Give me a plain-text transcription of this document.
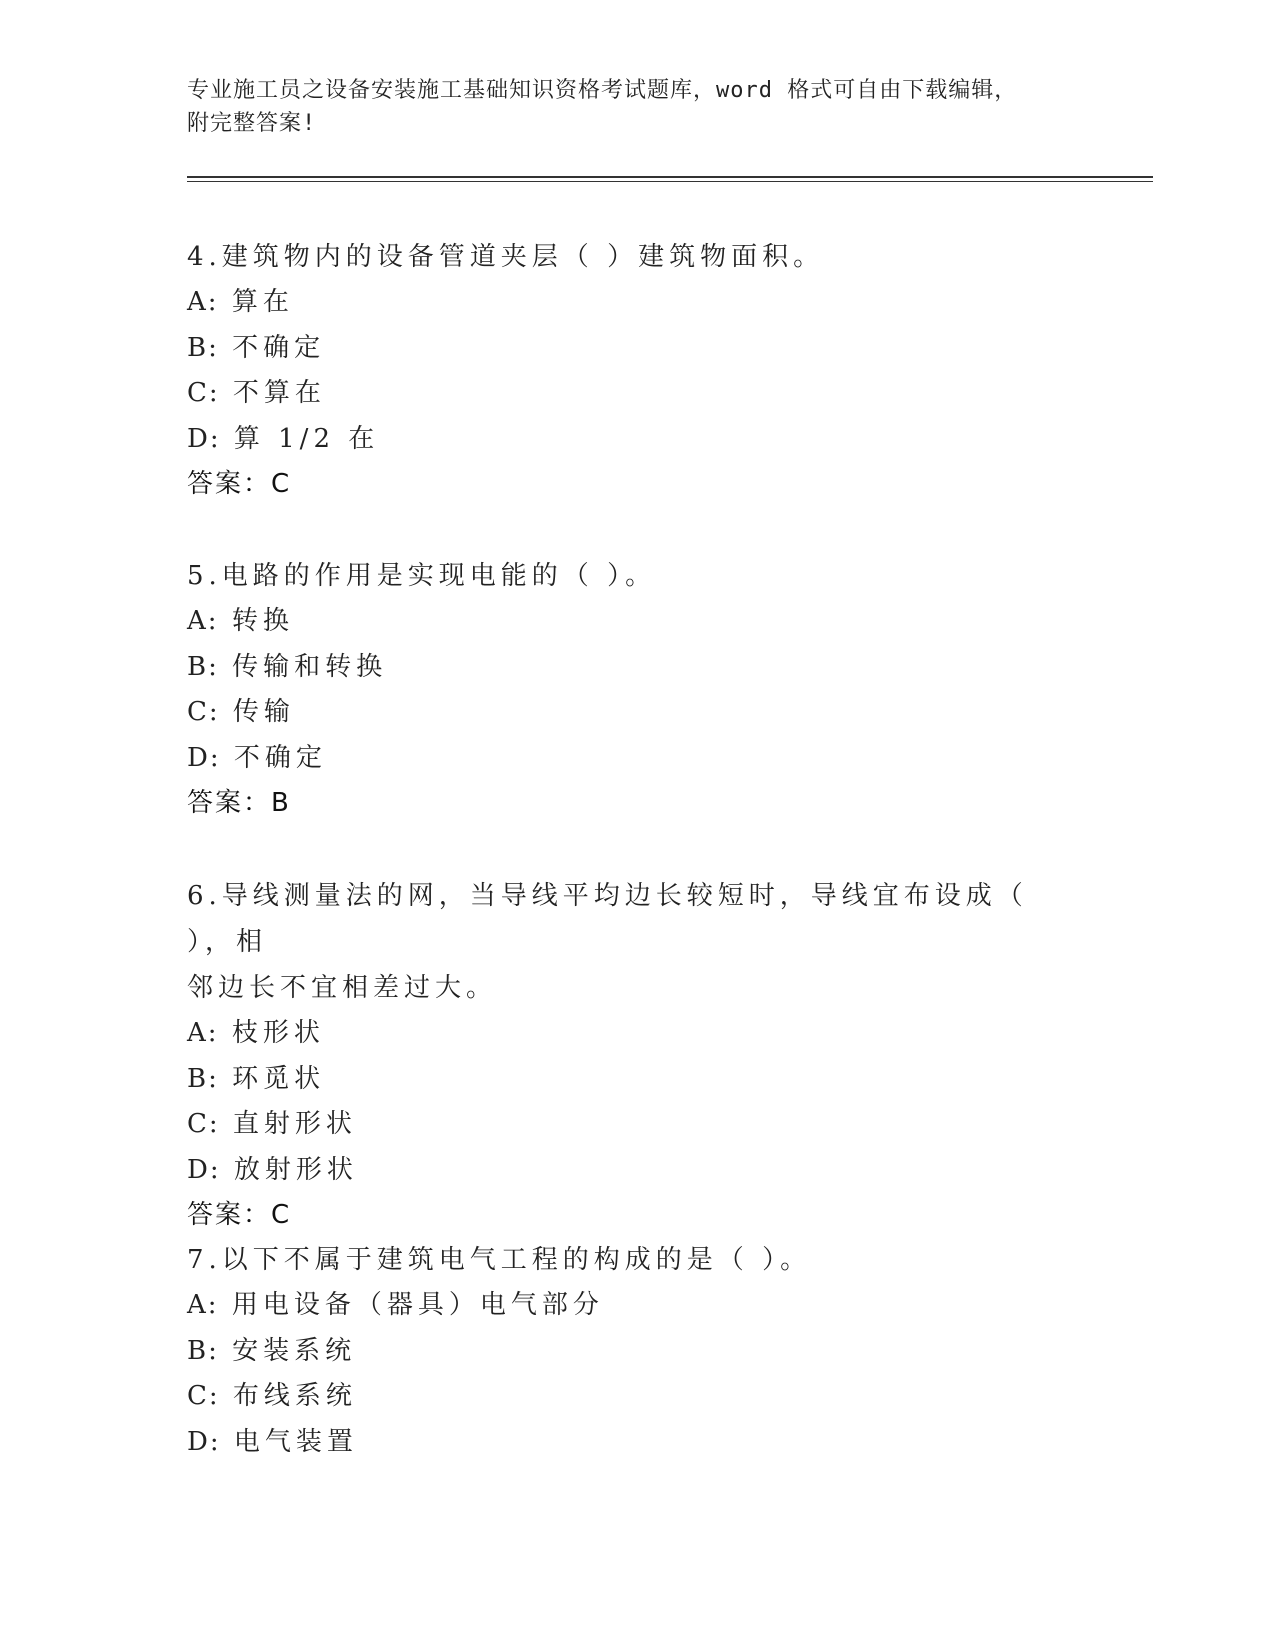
专业施工员之设备安装施工基础知识资格考试题库，word 格式可自由下载编辑，
附完整答案!
4.建筑物内的设备管道夹层（ ）建筑物面积。
A: 算在
B: 不确定
C: 不算在
D: 算 1/2 在
答案：C
5.电路的作用是实现电能的（ ）。
A: 转换
B: 传输和转换
C: 传输
D: 不确定
答案：B
6.导线测量法的网，当导线平均边长较短时，导线宜布设成（ ），相
邻边长不宜相差过大。
A: 枝形状
B: 环觅状
C: 直射形状
D: 放射形状
答案：C
7.以下不属于建筑电气工程的构成的是（ ）。
A: 用电设备（器具）电气部分
B: 安装系统
C: 布线系统
D: 电气装置
